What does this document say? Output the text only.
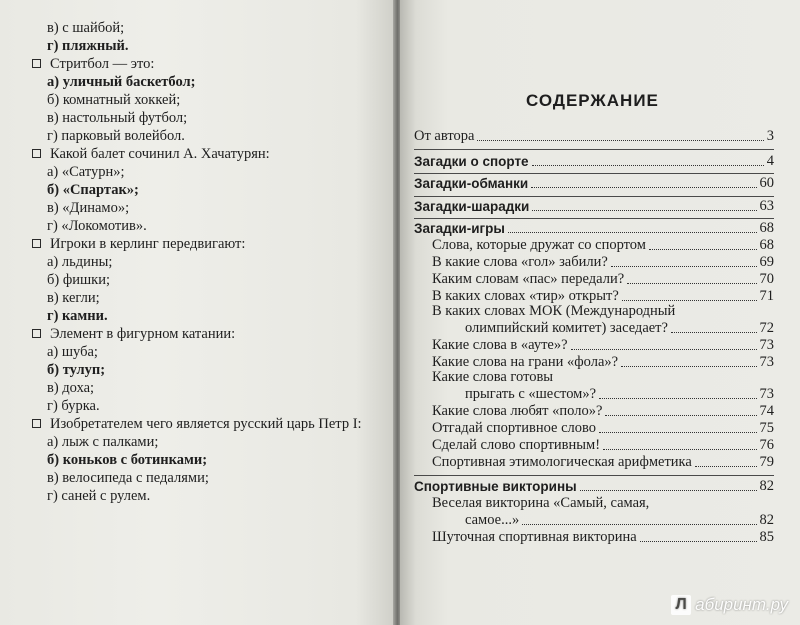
в) с шайбой;
г) пляжный.
Стритбол — это:
а) уличный баскетбол;
б) комнатный хоккей;
в) настольный футбол;
г) парковый волейбол.
Какой балет сочинил А. Хачатурян:
а) «Сатурн»;
б) «Спартак»;
в) «Динамо»;
г) «Локомотив».
Игроки в керлинг передвигают:
а) льдины;
б) фишки;
в) кегли;
г) камни.
Элемент в фигурном катании:
а) шуба;
б) тулуп;
в) доха;
г) бурка.
Изобретателем чего является русский царь Петр I:
а) лыж с палками;
б) коньков с ботинками;
в) велосипеда с педалями;
г) саней с рулем.
СОДЕРЖАНИЕ
От автора	3
Загадки о спорте	4
Загадки-обманки	60
Загадки-шарадки	63
Загадки-игры	68
Слова, которые дружат со спортом	68
В какие слова «гол» забили?	69
Каким словам «пас» передали?	70
В каких словах «тир» открыт?	71
В каких словах МОК (Международный
олимпийский комитет) заседает?	72
Какие слова в «ауте»?	73
Какие слова на грани «фола»?	73
Какие слова готовы
прыгать с «шестом»?	73
Какие слова любят «поло»?	74
Отгадай спортивное слово	75
Сделай слово спортивным!	76
Спортивная этимологическая арифметика	79
Спортивные викторины	82
Веселая викторина «Самый, самая,
самое...»	82
Шуточная спортивная викторина	85
Л абиринт.ру
